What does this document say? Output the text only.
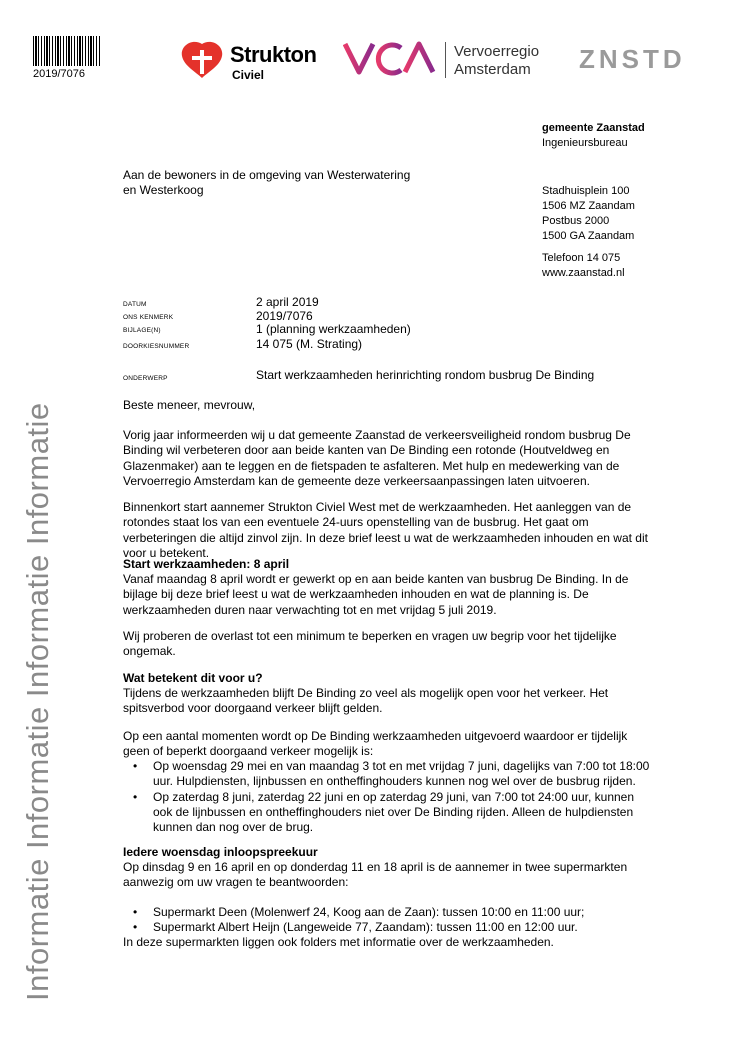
2019/7076
Strukton
Civiel
Vervoerregio
Amsterdam	ZNSTD
Informatie Informatie Informatie Informatie
gemeente Zaanstad
Ingenieursbureau
Stadhuisplein 100
1506 MZ Zaandam
Postbus 2000
1500 GA Zaandam
Telefoon 14 075
www.zaanstad.nl
Aan de bewoners in de omgeving van Westerwatering
en Westerkoog
DATUM	2 april 2019
ONS KENMERK	2019/7076
BIJLAGE(N)	1 (planning werkzaamheden)
DOORKIESNUMMER	14 075 (M. Strating)
ONDERWERP	Start werkzaamheden herinrichting rondom busbrug De Binding
Beste meneer, mevrouw,
Vorig jaar informeerden wij u dat gemeente Zaanstad de verkeersveiligheid rondom busbrug De Binding wil verbeteren door aan beide kanten van De Binding een rotonde (Houtveldweg en Glazenmaker) aan te leggen en de fietspaden te asfalteren. Met hulp en medewerking van de Vervoerregio Amsterdam kan de gemeente deze verkeersaanpassingen laten uitvoeren.
Binnenkort start aannemer Strukton Civiel West met de werkzaamheden. Het aanleggen van de rotondes staat los van een eventuele 24-uurs openstelling van de busbrug. Het gaat om verbeteringen die altijd zinvol zijn. In deze brief leest u wat de werkzaamheden inhouden en wat dit voor u betekent.
Start werkzaamheden: 8 april
Vanaf maandag 8 april wordt er gewerkt op en aan beide kanten van busbrug De Binding. In de bijlage bij deze brief leest u wat de werkzaamheden inhouden en wat de planning is. De werkzaamheden duren naar verwachting tot en met vrijdag 5 juli 2019.
Wij proberen de overlast tot een minimum te beperken en vragen uw begrip voor het tijdelijke ongemak.
Wat betekent dit voor u?
Tijdens de werkzaamheden blijft De Binding zo veel als mogelijk open voor het verkeer. Het spitsverbod voor doorgaand verkeer blijft gelden.
Op een aantal momenten wordt op De Binding werkzaamheden uitgevoerd waardoor er tijdelijk geen of beperkt doorgaand verkeer mogelijk is:
• Op woensdag 29 mei en van maandag 3 tot en met vrijdag 7 juni, dagelijks van 7:00 tot 18:00 uur. Hulpdiensten, lijnbussen en ontheffinghouders kunnen nog wel over de busbrug rijden.
• Op zaterdag 8 juni, zaterdag 22 juni en op zaterdag 29 juni, van 7:00 tot 24:00 uur, kunnen ook de lijnbussen en ontheffinghouders niet over De Binding rijden. Alleen de hulpdiensten kunnen dan nog over de brug.
Iedere woensdag inloopspreekuur
Op dinsdag 9 en 16 april en op donderdag 11 en 18 april is de aannemer in twee supermarkten aanwezig om uw vragen te beantwoorden:
• Supermarkt Deen (Molenwerf 24, Koog aan de Zaan): tussen 10:00 en 11:00 uur;
• Supermarkt Albert Heijn (Langeweide 77, Zaandam): tussen 11:00 en 12:00 uur.
In deze supermarkten liggen ook folders met informatie over de werkzaamheden.
